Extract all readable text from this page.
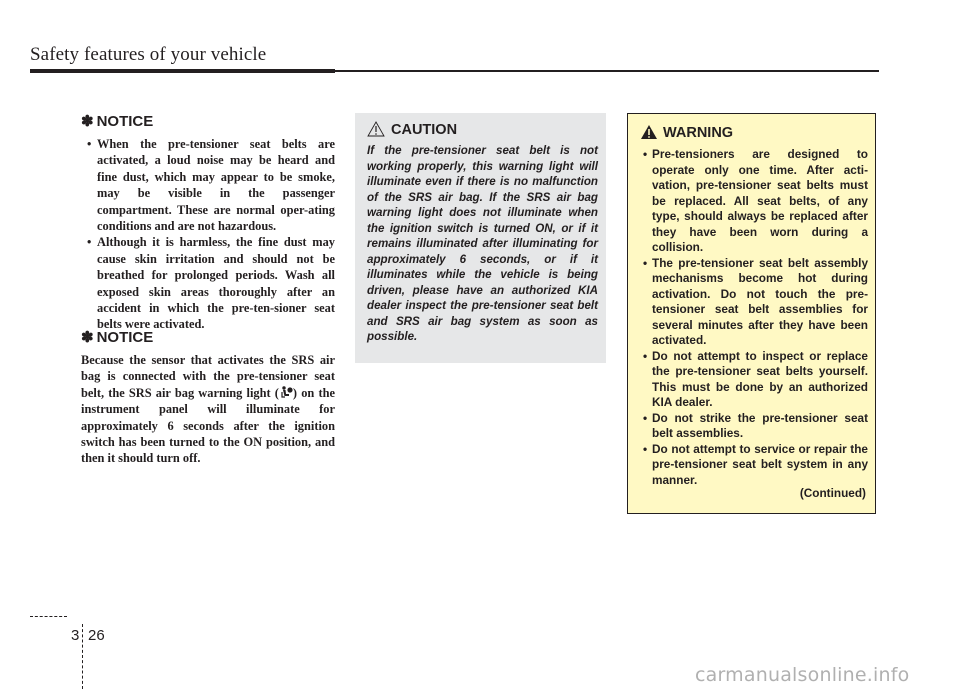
Safety features of your vehicle
✽ NOTICE
• When the pre-tensioner seat belts are activated, a loud noise may be heard and fine dust, which may appear to be smoke, may be visible in the passenger compartment. These are normal oper-ating conditions and are not hazardous.
• Although it is harmless, the fine dust may cause skin irritation and should not be breathed for prolonged periods. Wash all exposed skin areas thoroughly after an accident in which the pre-ten-sioner seat belts were activated.
✽ NOTICE

Because the sensor that activates the SRS air bag is connected with the pre-tensioner seat belt, the SRS air bag warning light ( ) on the instrument panel will illuminate for approximately 6 seconds after the ignition switch has been turned to the ON position, and then it should turn off.

CAUTION
If the pre-tensioner seat belt is not working properly, this warning light will illuminate even if there is no malfunction of the SRS air bag. If the SRS air bag warning light does not illuminate when the ignition switch is turned ON, or if it remains illuminated after illuminating for approximately 6 seconds, or if it illuminates while the vehicle is being driven, please have an authorized KIA dealer inspect the pre-tensioner seat belt and SRS air bag system as soon as possible.
WARNING
• Pre-tensioners are designed to operate only one time. After acti-vation, pre-tensioner seat belts must be replaced. All seat belts, of any type, should always be replaced after they have been worn during a collision.
• The pre-tensioner seat belt assembly mechanisms become hot during activation. Do not touch the pre-tensioner seat belt assemblies for several minutes after they have been activated.
• Do not attempt to inspect or replace the pre-tensioner seat belts yourself. This must be done by an authorized KIA dealer.
• Do not strike the pre-tensioner seat belt assemblies.
• Do not attempt to service or repair the pre-tensioner seat belt system in any manner.
(Continued)
3 26
carmanualsonline.info
